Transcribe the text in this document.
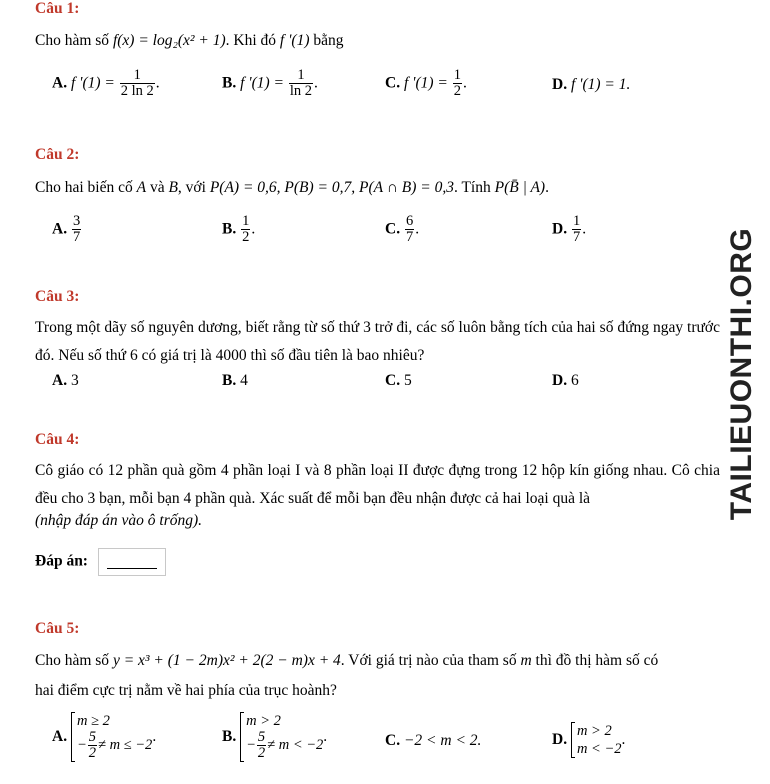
TAILIEUONTHI.ORG
Câu 1:
Cho hàm số f(x) = log₂(x² + 1). Khi đó f '(1) bằng
A. f '$(1) = \frac{1}{2 \ln 2}$ .	B. f '$(1) = \frac{1}{\ln 2}$ .	C. f '$(1) = \frac{1}{2}$ .	D. f '(1) = 1.
Câu 2:
Cho hai biến cố A và B, với P(A) = 0,6, P(B) = 0,7, P(A ∩ B) = 0,3. Tính P(B̄ | A).
A. $\frac{3}{7}$	B. $\frac{1}{2}$ .	C. $\frac{6}{7}$ .	D. $\frac{1}{7}$ .
Câu 3:
Trong một dãy số nguyên dương, biết rằng từ số thứ 3 trở đi, các số luôn bằng tích của hai số đứng ngay trước đó. Nếu số thứ 6 có giá trị là 4000 thì số đầu tiên là bao nhiêu?
A. 3	B. 4	C. 5	D. 6
Câu 4:
Cô giáo có 12 phần quà gồm 4 phần loại I và 8 phần loại II được đựng trong 12 hộp kín giống nhau. Cô chia đều cho 3 bạn, mỗi bạn 4 phần quà. Xác suất để mỗi bạn đều nhận được cả hai loại quà là
(nhập đáp án vào ô trống).
Đáp án:
Câu 5:
Cho hàm số y = x³ + (1 − 2m)x² + 2(2 − m)x + 4. Với giá trị nào của tham số m thì đồ thị hàm số có
hai điểm cực trị nằm về hai phía của trục hoành?
A.
m ≥ 2
− $\frac{5}{2} \ne m \le -2$
.	B.
m > 2
− $\frac{5}{2} \ne m < -2$
.	C. −2 < m < 2.	D.
m > 2
m < −2
.
